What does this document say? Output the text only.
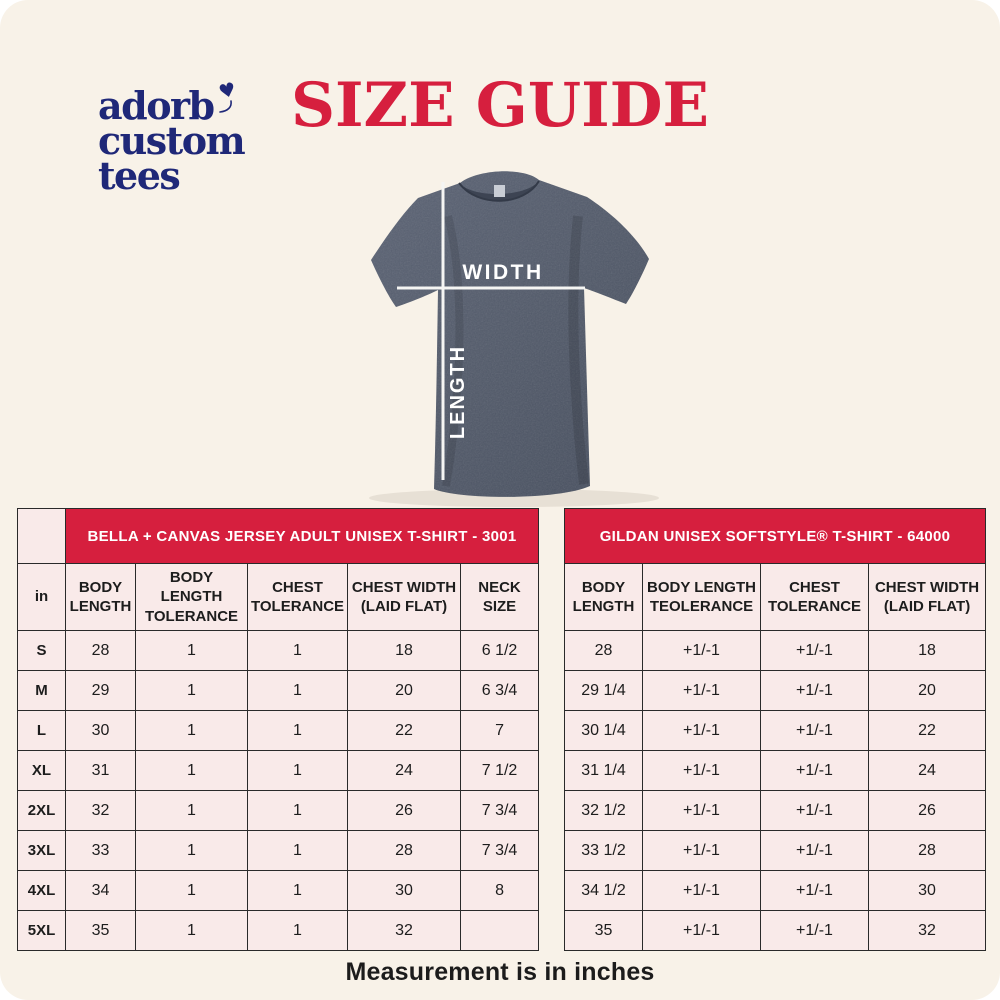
adorb ♥

custom
tees
SIZE GUIDE
WIDTH
LENGTH
	BELLA + CANVAS JERSEY ADULT UNISEX T-SHIRT - 3001				
in	BODY LENGTH	BODY LENGTH TOLERANCE	CHEST TOLERANCE	CHEST WIDTH (LAID FLAT)	NECK SIZE
S	28	1	1	18	6 1/2
M	29	1	1	20	6 3/4
L	30	1	1	22	7
XL	31	1	1	24	7 1/2
2XL	32	1	1	26	7 3/4
3XL	33	1	1	28	7 3/4
4XL	34	1	1	30	8
5XL	35	1	1	32	
GILDAN UNISEX SOFTSTYLE® T-SHIRT - 64000			
BODY LENGTH	BODY LENGTH TEOLERANCE	CHEST TOLERANCE	CHEST WIDTH (LAID FLAT)
28	+1/-1	+1/-1	18
29 1/4	+1/-1	+1/-1	20
30 1/4	+1/-1	+1/-1	22
31 1/4	+1/-1	+1/-1	24
32 1/2	+1/-1	+1/-1	26
33 1/2	+1/-1	+1/-1	28
34 1/2	+1/-1	+1/-1	30
35	+1/-1	+1/-1	32
Measurement is in inches
